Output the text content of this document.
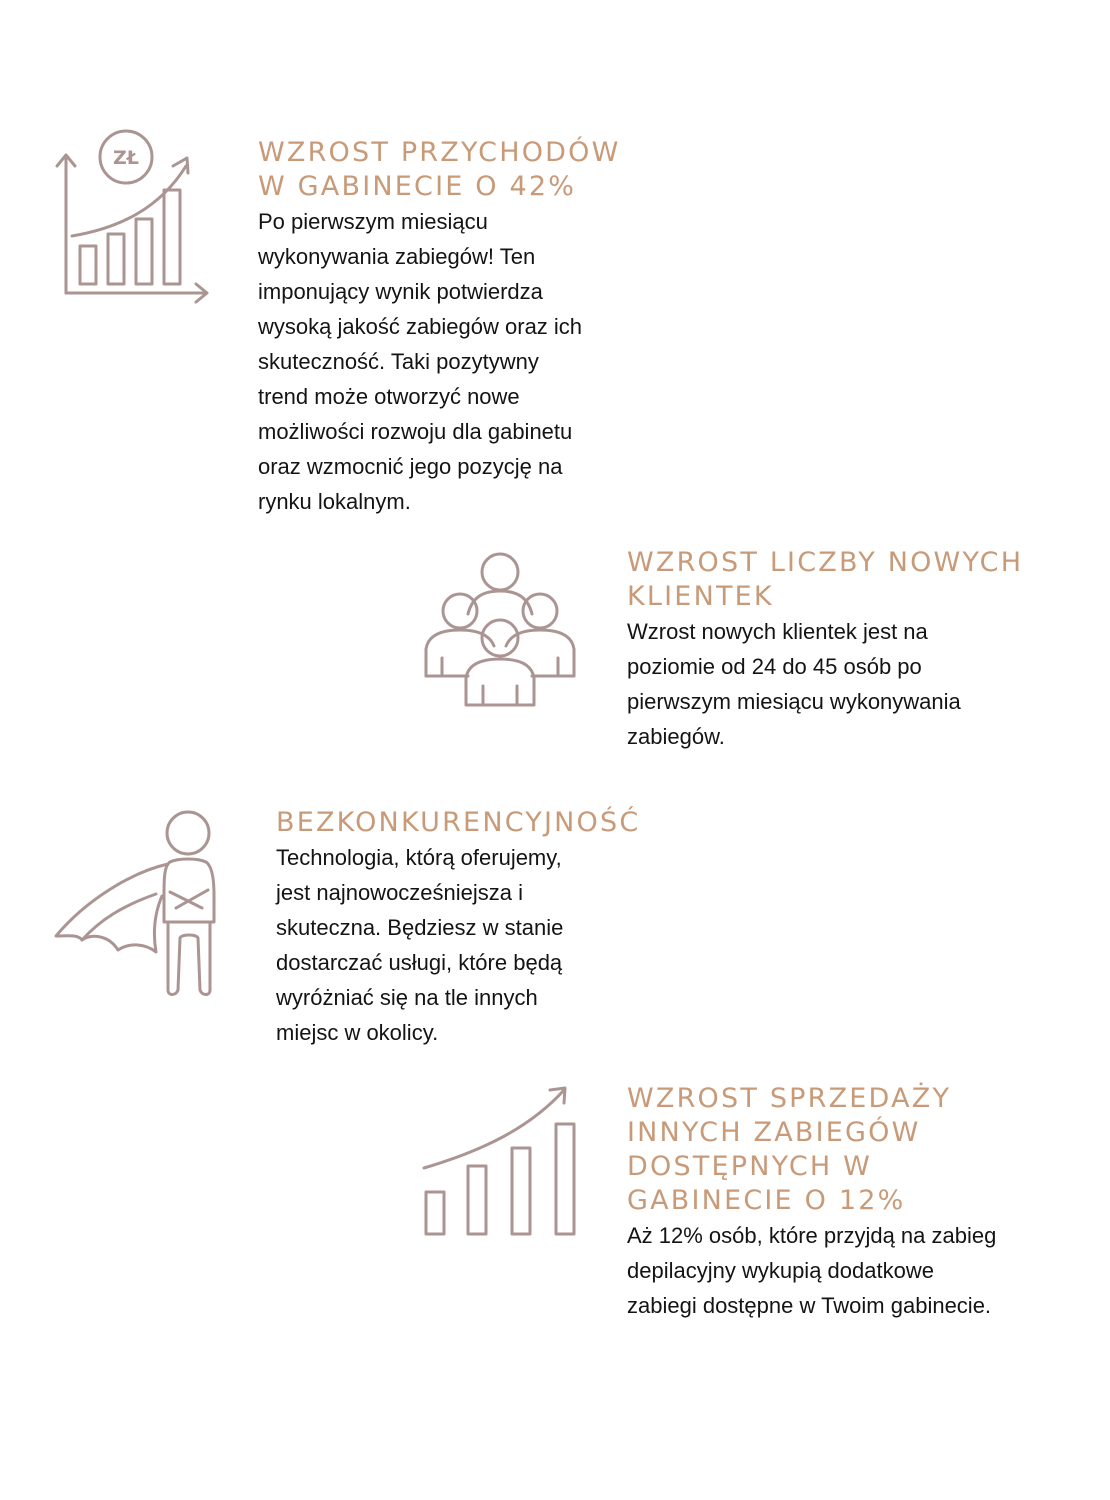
ZŁ	WZROST PRZYCHODÓW
W GABINECIE O 42%

Po pierwszym miesiącu
wykonywania zabiegów! Ten
imponujący wynik potwierdza
wysoką jakość zabiegów oraz ich
skuteczność. Taki pozytywny
trend może otworzyć nowe
możliwości rozwoju dla gabinetu
oraz wzmocnić jego pozycję na
rynku lokalnym.

WZROST LICZBY NOWYCH
KLIENTEK

Wzrost nowych klientek jest na
poziomie od 24 do 45 osób po
pierwszym miesiącu wykonywania
zabiegów.

BEZKONKURENCYJNOŚĆ

Technologia, którą oferujemy,
jest najnowocześniejsza i
skuteczna. Będziesz w stanie
dostarczać usługi, które będą
wyróżniać się na tle innych
miejsc w okolicy.

WZROST SPRZEDAŻY
INNYCH ZABIEGÓW
DOSTĘPNYCH W
GABINECIE O 12%

Aż 12% osób, które przyjdą na zabieg
depilacyjny wykupią dodatkowe
zabiegi dostępne w Twoim gabinecie.
